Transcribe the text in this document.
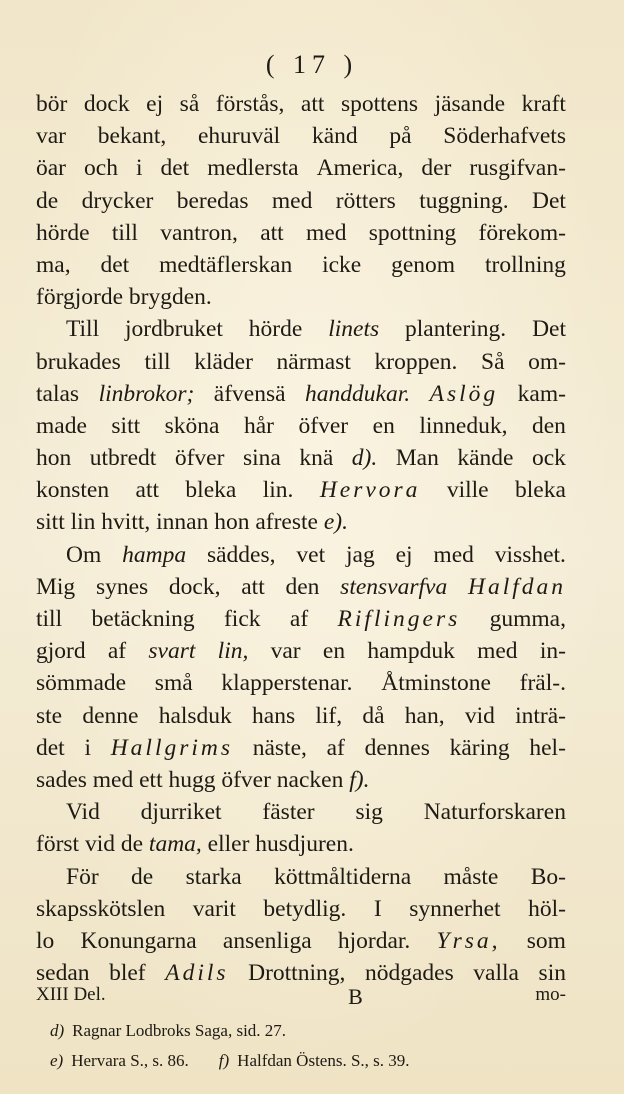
( 17 )
bör dock ej så förstås, att spottens jäsande kraft
var bekant, ehuruväl känd på Söderhafvets
öar och i det medlersta America, der rusgifvan-
de drycker beredas med rötters tuggning. Det
hörde till vantron, att med spottning förekom-
ma, det medtäflerskan icke genom trollning
förgjorde brygden.
Till jordbruket hörde linets plantering. Det
brukades till kläder närmast kroppen. Så om-
talas linbrokor; äfvensä handdukar. Aslög kam-
made sitt sköna hår öfver en linneduk, den
hon utbredt öfver sina knä d). Man kände ock
konsten att bleka lin. Hervora ville bleka
sitt lin hvitt, innan hon afreste e).
Om hampa säddes, vet jag ej med visshet.
Mig synes dock, att den stensvarfva Halfdan
till betäckning fick af Riflingers gumma,
gjord af svart lin, var en hampduk med in-
sömmade små klapperstenar. Åtminstone fräl-.
ste denne halsduk hans lif, då han, vid inträ-
det i Hallgrims näste, af dennes käring hel-
sades med ett hugg öfver nacken f).
Vid djurriket fäster sig Naturforskaren
först vid de tama, eller husdjuren.
För de starka köttmåltiderna måste Bo-
skapsskötslen varit betydlig. I synnerhet höl-
lo Konungarna ansenliga hjordar. Yrsa, som
sedan blef Adils Drottning, nödgades valla sin
XIII Del.	B	mo-
d) Ragnar Lodbroks Saga, sid. 27.
e) Hervara S., s. 86. f) Halfdan Östens. S., s. 39.
